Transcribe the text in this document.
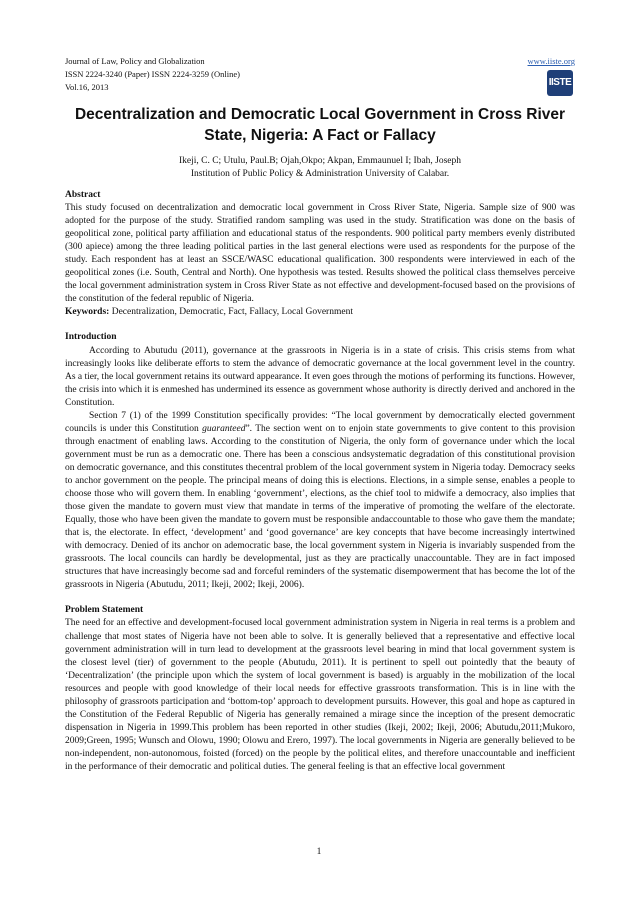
Journal of Law, Policy and Globalization
ISSN 2224-3240 (Paper) ISSN 2224-3259 (Online)
Vol.16, 2013
www.iiste.org
IISTE
Decentralization and Democratic Local Government in Cross River State, Nigeria: A Fact or Fallacy
Ikeji, C. C; Utulu, Paul.B; Ojah,Okpo; Akpan, Emmaunuel I; Ibah, Joseph
Institution of Public Policy & Administration University of Calabar.

Abstract

This study focused on decentralization and democratic local government in Cross River State, Nigeria. Sample size of 900 was adopted for the purpose of the study. Stratified random sampling was used in the study. Stratification was done on the basis of geopolitical zone, political party affiliation and educational status of the respondents. 900 political party members evenly distributed (300 apiece) among the three leading political parties in the last general elections were used as respondents for the purpose of the study. Each respondent has at least an SSCE/WASC educational qualification. 300 respondents were interviewed in each of the geopolitical zones (i.e. South, Central and North). One hypothesis was tested. Results showed the political class themselves perceive the local government administration system in Cross River State as not effective and development-focused based on the provisions of the constitution of the federal republic of Nigeria.

Keywords: Decentralization, Democratic, Fact, Fallacy, Local Government

Introduction

According to Abutudu (2011), governance at the grassroots in Nigeria is in a state of crisis. This crisis stems from what increasingly looks like deliberate efforts to stem the advance of democratic governance at the local government level in the country. As a tier, the local government retains its outward appearance. It even goes through the motions of performing its functions. However, the crisis into which it is enmeshed has undermined its essence as government whose authority is directly derived and anchored in the Constitution.

Section 7 (1) of the 1999 Constitution specifically provides: “The local government by democratically elected government councils is under this Constitution guaranteed”. The section went on to enjoin state governments to give content to this provision through enactment of enabling laws. According to the constitution of Nigeria, the only form of governance under which the local government must be run as a democratic one. There has been a conscious andsystematic degradation of this constitutional provision on democratic governance, and this constitutes thecentral problem of the local government system in Nigeria today. Democracy seeks to anchor government on the people. The principal means of doing this is elections. Elections, in a simple sense, enables a people to choose those who will govern them. In enabling ‘government’, elections, as the chief tool to midwife a democracy, also implies that those given the mandate to govern must view that mandate in terms of the imperative of promoting the welfare of the electorate. Equally, those who have been given the mandate to govern must be responsible andaccountable to those who gave them the mandate; that is, the electorate. In effect, ‘development’ and ‘good governance’ are key concepts that have become increasingly intertwined with democracy. Denied of its anchor on ademocratic base, the local government system in Nigeria is invariably suspended from the grassroots. The local councils can hardly be developmental, just as they are practically unaccountable. They are in fact imposed structures that have increasingly become sad and forceful reminders of the systematic disempowerment that has become the lot of the grassroots in Nigeria (Abutudu, 2011; Ikeji, 2002; Ikeji, 2006).

Problem Statement

The need for an effective and development-focused local government administration system in Nigeria in real terms is a problem and challenge that most states of Nigeria have not been able to solve. It is generally believed that a representative and effective local government administration will in turn lead to development at the grassroots level bearing in mind that local government system is the closest level (tier) of government to the people (Abutudu, 2011). It is pertinent to spell out pointedly that the beauty of ‘Decentralization’ (the principle upon which the system of local government is based) is arguably in the mobilization of the local resources and people with good knowledge of their local needs for effective grassroots transformation. This is in line with the philosophy of grassroots participation and ‘bottom-top’ approach to development pursuits. However, this goal and hope as captured in the Constitution of the Federal Republic of Nigeria has generally remained a mirage since the inception of the present democratic dispensation in Nigeria in 1999.This problem has been reported in other studies (Ikeji, 2002; Ikeji, 2006; Abutudu,2011;Mukoro, 2009;Green, 1995; Wunsch and Olowu, 1990; Olowu and Erero, 1997). The local governments in Nigeria are generally believed to be non-independent, non-autonomous, foisted (forced) on the people by the political elites, and therefore unaccountable and inefficient in the performance of their democratic and political duties. The general feeling is that an effective local government

1
